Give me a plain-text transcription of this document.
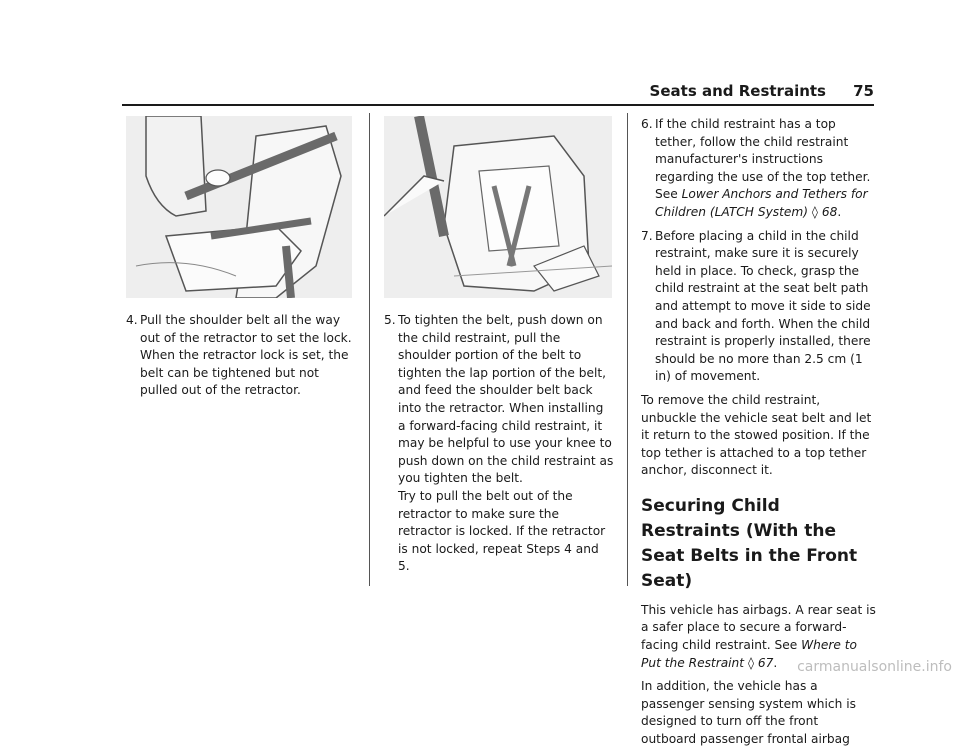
Seats and Restraints 75
4. Pull the shoulder belt all the way out of the retractor to set the lock. When the retractor lock is set, the belt can be tightened but not pulled out of the retractor.
5. To tighten the belt, push down on the child restraint, pull the shoulder portion of the belt to tighten the lap portion of the belt, and feed the shoulder belt back into the retractor. When installing a forward-facing child restraint, it may be helpful to use your knee to push down on the child restraint as you tighten the belt.

Try to pull the belt out of the retractor to make sure the retractor is locked. If the retractor is not locked, repeat Steps 4 and 5.

6. If the child restraint has a top tether, follow the child restraint manufacturer's instructions regarding the use of the top tether. See Lower Anchors and Tethers for Children (LATCH System) ◊ 68.
7. Before placing a child in the child restraint, make sure it is securely held in place. To check, grasp the child restraint at the seat belt path and attempt to move it side to side and back and forth. When the child restraint is properly installed, there should be no more than 2.5 cm (1 in) of movement.

To remove the child restraint, unbuckle the vehicle seat belt and let it return to the stowed position. If the top tether is attached to a top tether anchor, disconnect it.

Securing Child Restraints (With the Seat Belts in the Front Seat)

This vehicle has airbags. A rear seat is a safer place to secure a forward-facing child restraint. See Where to Put the Restraint ◊ 67.

In addition, the vehicle has a passenger sensing system which is designed to turn off the front outboard passenger frontal airbag

carmanualsonline.info
